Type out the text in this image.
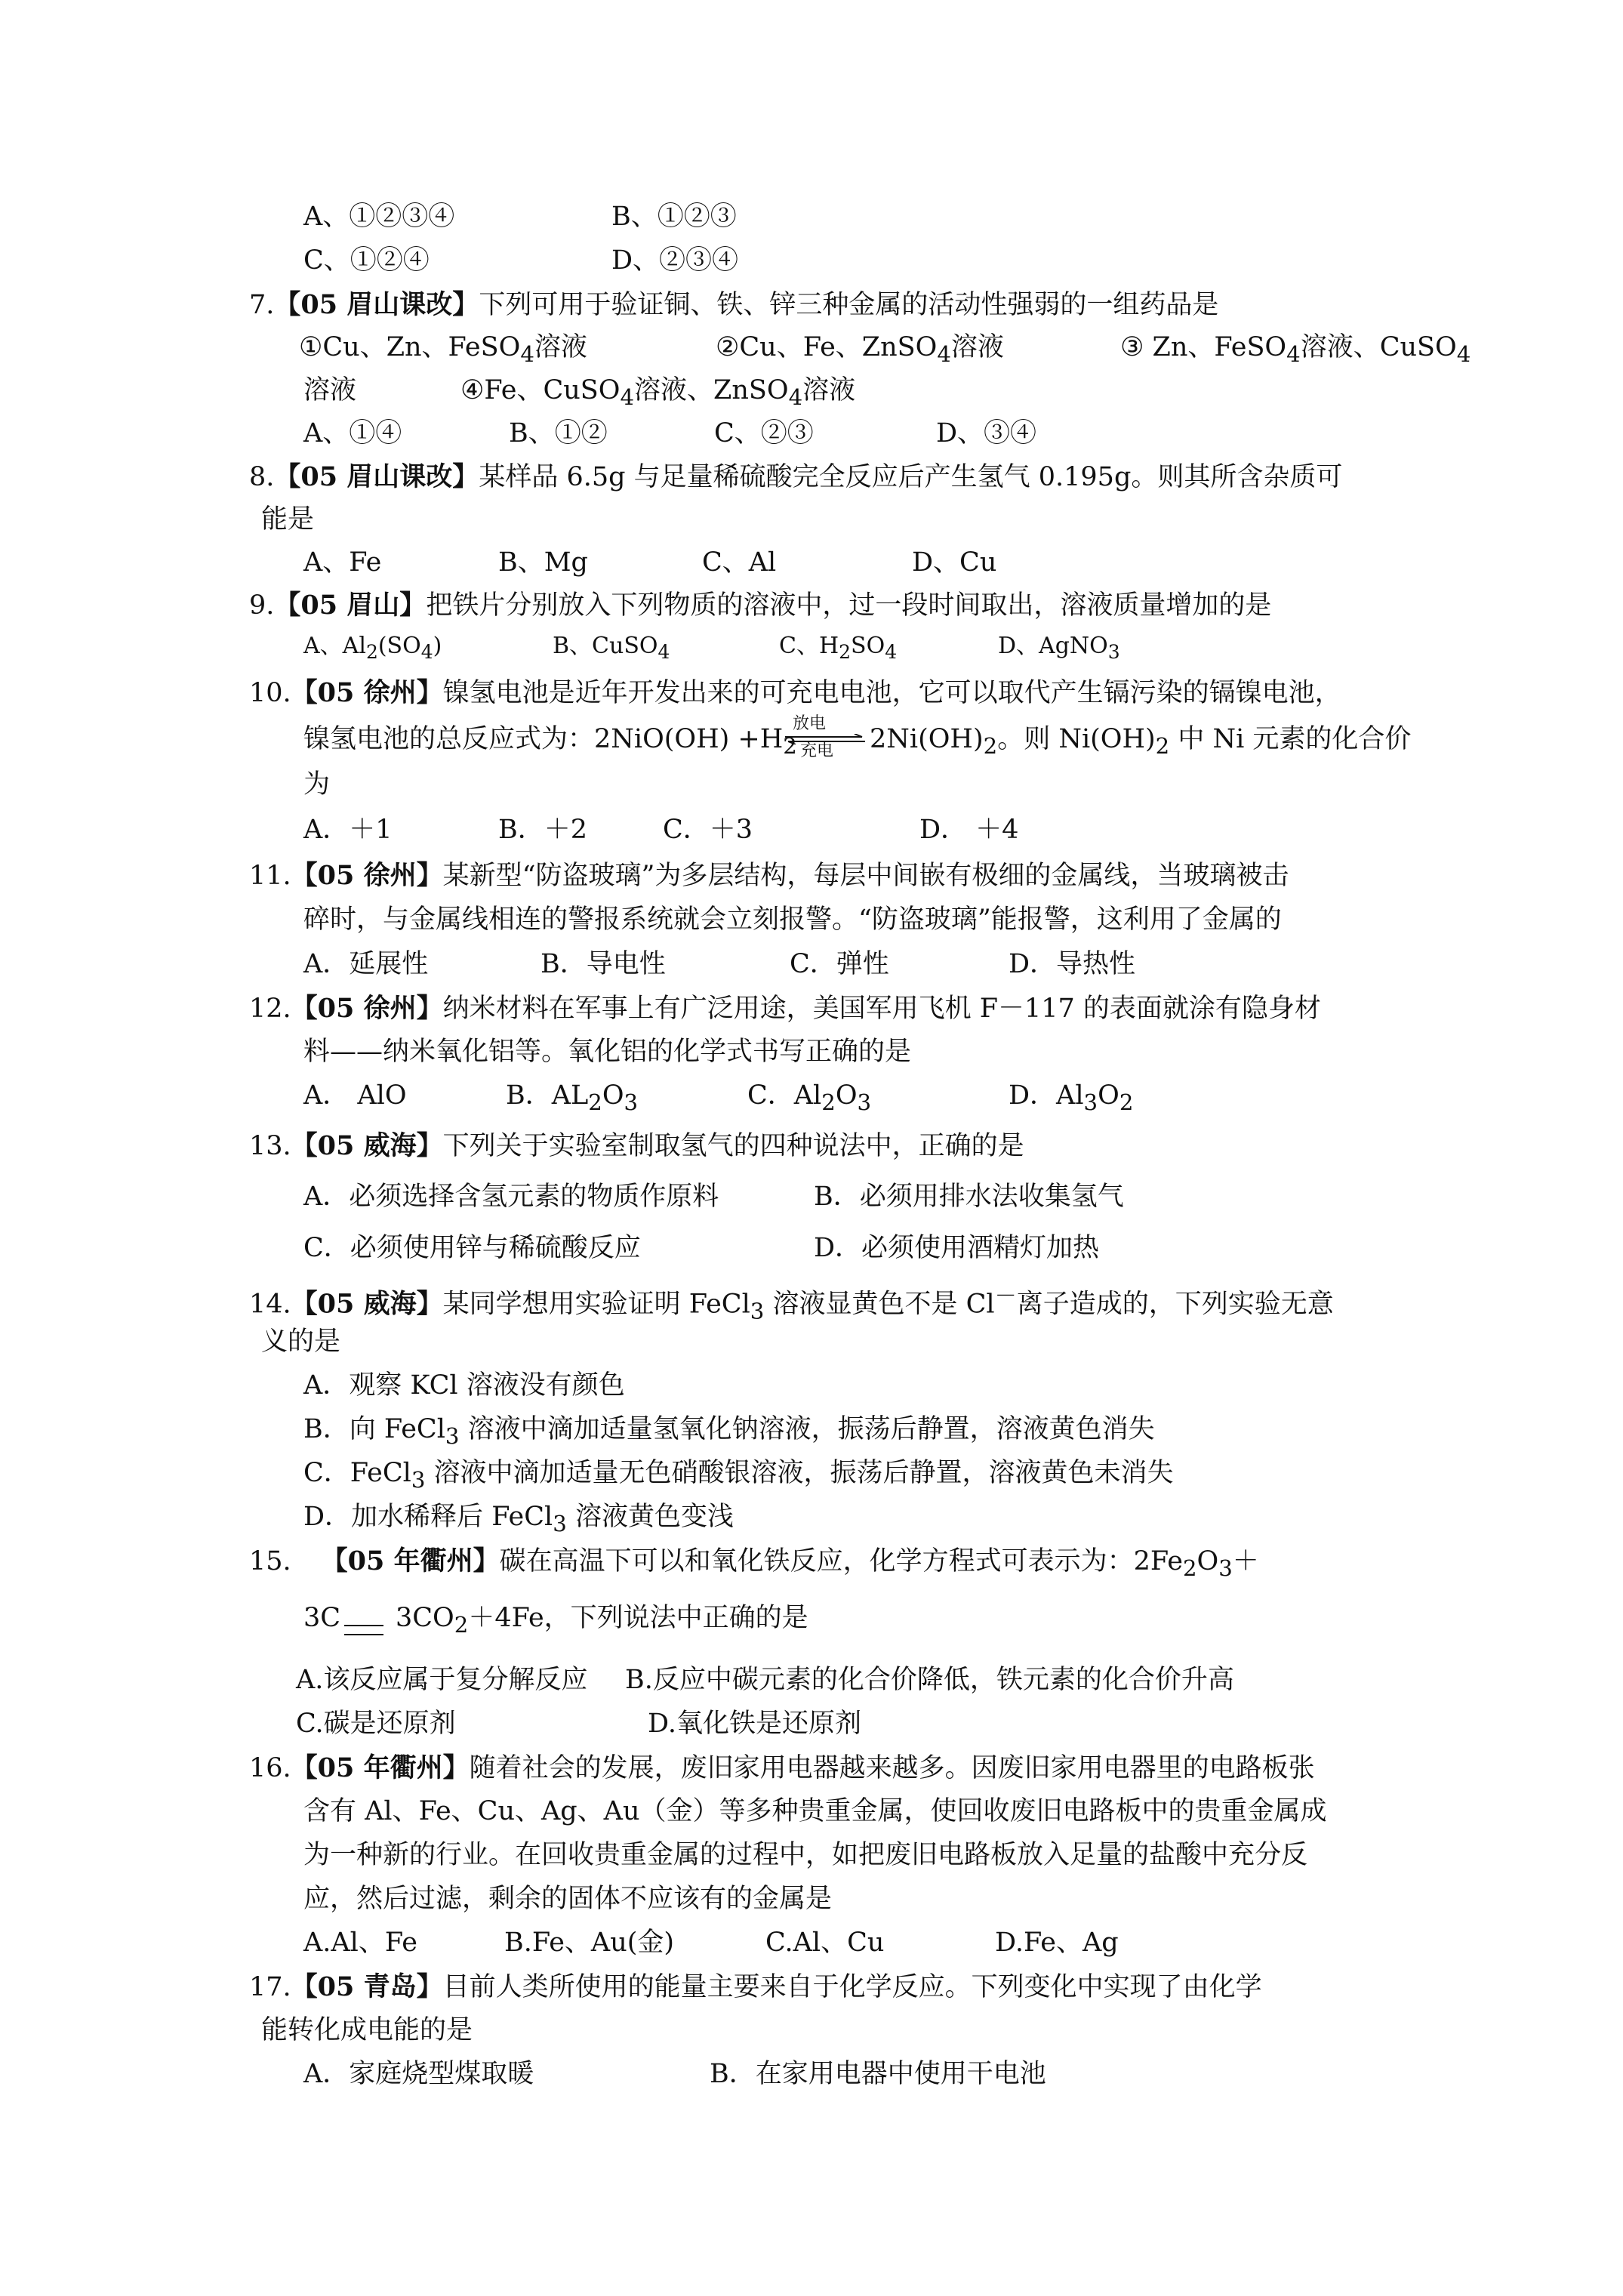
A、①②③④	B、①②③
C、①②④	D、②③④
7.【05 眉山课改】下列可用于验证铜、铁、锌三种金属的活动性强弱的一组药品是
①Cu、Zn、FeSO$_4$溶液	②Cu、Fe、ZnSO$_4$溶液	③ Zn、FeSO$_4$溶液、CuSO$_4$
溶液	④Fe、CuSO$_4$溶液、ZnSO$_4$溶液
A、①④	B、①②	C、②③	D、③④
8.【05 眉山课改】某样品 6.5g 与足量稀硫酸完全反应后产生氢气 0.195g。则其所含杂质可
能是
A、Fe	B、Mg	C、Al	D、Cu
9.【05 眉山】把铁片分别放入下列物质的溶液中，过一段时间取出，溶液质量增加的是
A、$Al_2(SO_4)$	B、CuSO$_4$	C、$H_2SO_4$	D、AgNO$_3$
10.【05 徐州】镍氢电池是近年开发出来的可充电电池，它可以取代产生镉污染的镉镍电池，
镍氢电池的总反应式为：$2NiO(OH) +H_2$
放电
充电 $2Ni(OH)_2$。则 $Ni(OH)_2$ 中 Ni 元素的化合价
为
A．＋1	B．＋2	C．＋3	D． ＋4
11.【05 徐州】某新型“防盗玻璃”为多层结构，每层中间嵌有极细的金属线，当玻璃被击
碎时，与金属线相连的警报系统就会立刻报警。“防盗玻璃”能报警，这利用了金属的
A．延展性	B．导电性	C．弹性	D．导热性
12.【05 徐州】纳米材料在军事上有广泛用途，美国军用飞机 F－117 的表面就涂有隐身材
料——纳米氧化铝等。氧化铝的化学式书写正确的是
A． AlO	B．$AL_2O_3$	C．$Al_2O_3$	D．$Al_3O_2$
13.【05 威海】下列关于实验室制取氢气的四种说法中，正确的是
A．必须选择含氢元素的物质作原料	B．必须用排水法收集氢气
C．必须使用锌与稀硫酸反应	D．必须使用酒精灯加热
14.【05 威海】某同学想用实验证明 FeCl$_3$ 溶液显黄色不是 Cl－离子造成的，下列实验无意
义的是
A．观察 KCl 溶液没有颜色
B．向 FeCl$_3$ 溶液中滴加适量氢氧化钠溶液，振荡后静置，溶液黄色消失
C．FeCl$_3$ 溶液中滴加适量无色硝酸银溶液，振荡后静置，溶液黄色未消失
D．加水稀释后 FeCl$_3$ 溶液黄色变浅
15. 【05 年衢州】碳在高温下可以和氧化铁反应，化学方程式可表示为：$2Fe_2O_3+$
3C $3CO_2+4Fe$，下列说法中正确的是
A.该反应属于复分解反应 B.反应中碳元素的化合价降低，铁元素的化合价升高
C.碳是还原剂	D.氧化铁是还原剂
16.【05 年衢州】随着社会的发展，废旧家用电器越来越多。因废旧家用电器里的电路板张
含有 Al、Fe、Cu、Ag、Au（金）等多种贵重金属，使回收废旧电路板中的贵重金属成
为一种新的行业。在回收贵重金属的过程中，如把废旧电路板放入足量的盐酸中充分反
应，然后过滤，剩余的固体不应该有的金属是
A.Al、Fe	B.Fe、Au(金)	C.Al、Cu	D.Fe、Ag
17.【05 青岛】目前人类所使用的能量主要来自于化学反应。下列变化中实现了由化学
能转化成电能的是
A．家庭烧型煤取暖	B．在家用电器中使用干电池
